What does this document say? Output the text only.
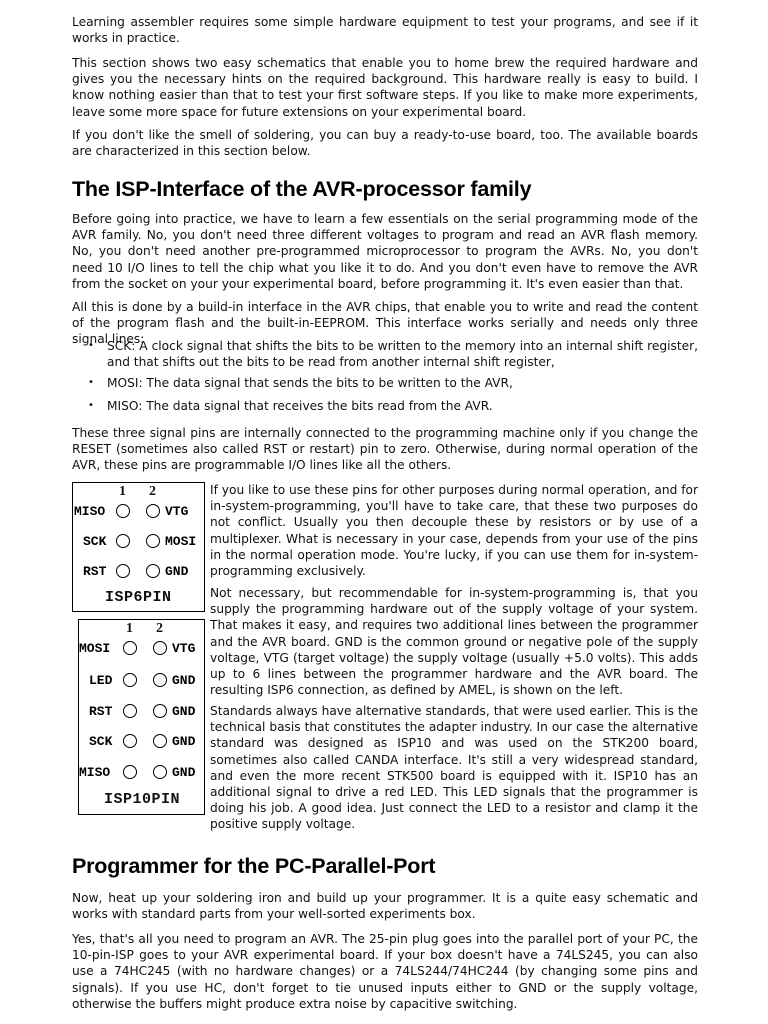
Learning assembler requires some simple hardware equipment to test your programs, and see if it works in practice.

This section shows two easy schematics that enable you to home brew the required hardware and gives you the necessary hints on the required background. This hardware really is easy to build. I know nothing easier than that to test your first software steps. If you like to make more experiments, leave some more space for future extensions on your experimental board.

If you don't like the smell of soldering, you can buy a ready-to-use board, too. The available boards are characterized in this section below.

The ISP-Interface of the AVR-processor family

Before going into practice, we have to learn a few essentials on the serial programming mode of the AVR family. No, you don't need three different voltages to program and read an AVR flash memory. No, you don't need another pre-programmed microprocessor to program the AVRs. No, you don't need 10 I/O lines to tell the chip what you like it to do. And you don't even have to remove the AVR from the socket on your your experimental board, before programming it. It's even easier than that.

All this is done by a build-in interface in the AVR chips, that enable you to write and read the content of the program flash and the built-in-EEPROM. This interface works serially and needs only three signal lines:

• SCK: A clock signal that shifts the bits to be written to the memory into an internal shift register, and that shifts out the bits to be read from another internal shift register,
• MOSI: The data signal that sends the bits to be written to the AVR,
• MISO: The data signal that receives the bits read from the AVR.

These three signal pins are internally connected to the programming machine only if you change the RESET (sometimes also called RST or restart) pin to zero. Otherwise, during normal operation of the AVR, these pins are programmable I/O lines like all the others.

1 2
MISO	VTG
SCK	MOSI
RST	GND
ISP6PIN
1 2
MOSI	VTG
LED	GND
RST	GND
SCK	GND
MISO	GND
ISP10PIN

If you like to use these pins for other purposes during normal operation, and for in-system-programming, you'll have to take care, that these two purposes do not conflict. Usually you then decouple these by resistors or by use of a multiplexer. What is necessary in your case, depends from your use of the pins in the normal operation mode. You're lucky, if you can use them for in-system-programming exclusively.

Not necessary, but recommendable for in-system-programming is, that you supply the programming hardware out of the supply voltage of your system. That makes it easy, and requires two additional lines between the programmer and the AVR board. GND is the common ground or negative pole of the supply voltage, VTG (target voltage) the supply voltage (usually +5.0 volts). This adds up to 6 lines between the programmer hardware and the AVR board. The resulting ISP6 connection, as defined by AMEL, is shown on the left.

Standards always have alternative standards, that were used earlier. This is the technical basis that constitutes the adapter industry. In our case the alternative standard was designed as ISP10 and was used on the STK200 board, sometimes also called CANDA interface. It's still a very widespread standard, and even the more recent STK500 board is equipped with it. ISP10 has an additional signal to drive a red LED. This LED signals that the programmer is doing his job. A good idea. Just connect the LED to a resistor and clamp it the positive supply voltage.

Programmer for the PC-Parallel-Port

Now, heat up your soldering iron and build up your programmer. It is a quite easy schematic and works with standard parts from your well-sorted experiments box.

Yes, that's all you need to program an AVR. The 25-pin plug goes into the parallel port of your PC, the 10-pin-ISP goes to your AVR experimental board. If your box doesn't have a 74LS245, you can also use a 74HC245 (with no hardware changes) or a 74LS244/74HC244 (by changing some pins and signals). If you use HC, don't forget to tie unused inputs either to GND or the supply voltage, otherwise the buffers might produce extra noise by capacitive switching.
